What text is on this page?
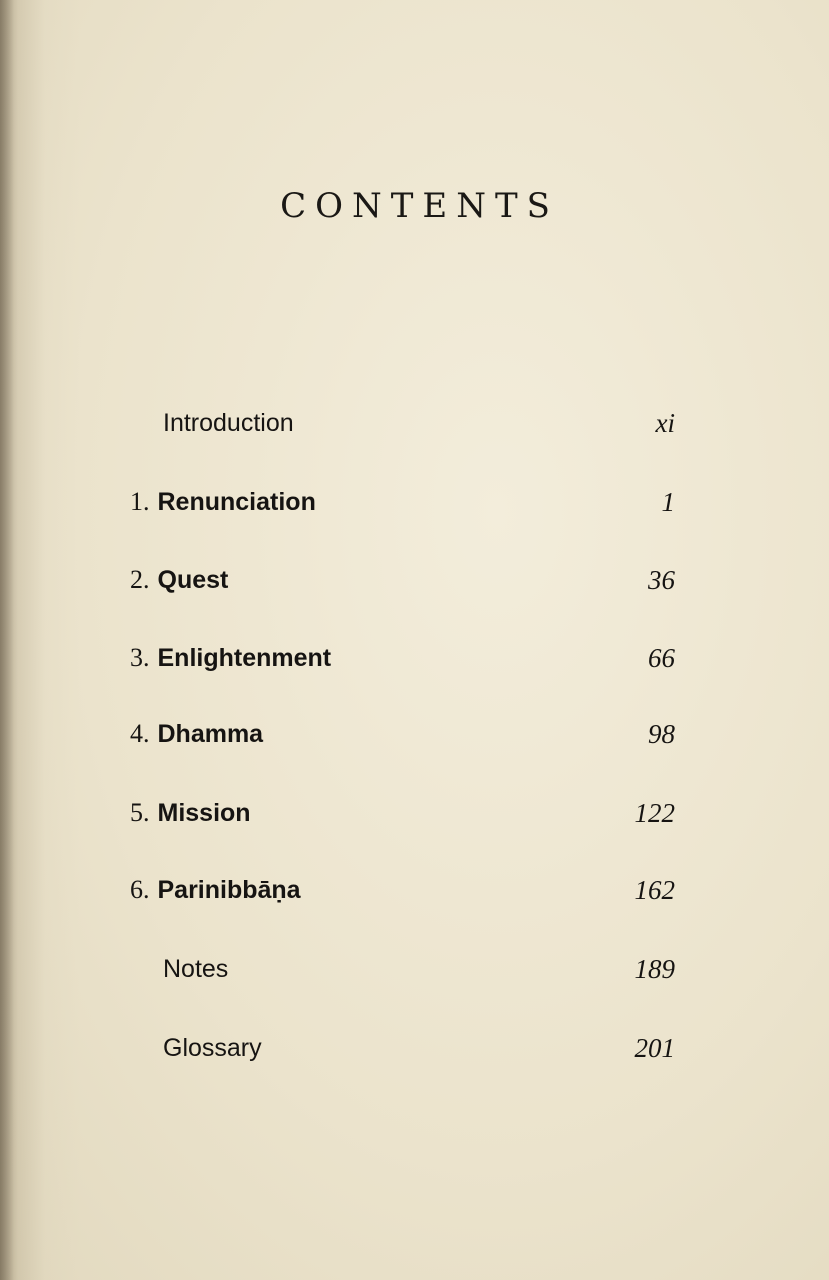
CONTENTS
Introduction	xi
1. Renunciation	1
2. Quest	36
3. Enlightenment	66
4. Dhamma	98
5. Mission	122
6. Parinibbāṇa	162
Notes	189
Glossary	201
